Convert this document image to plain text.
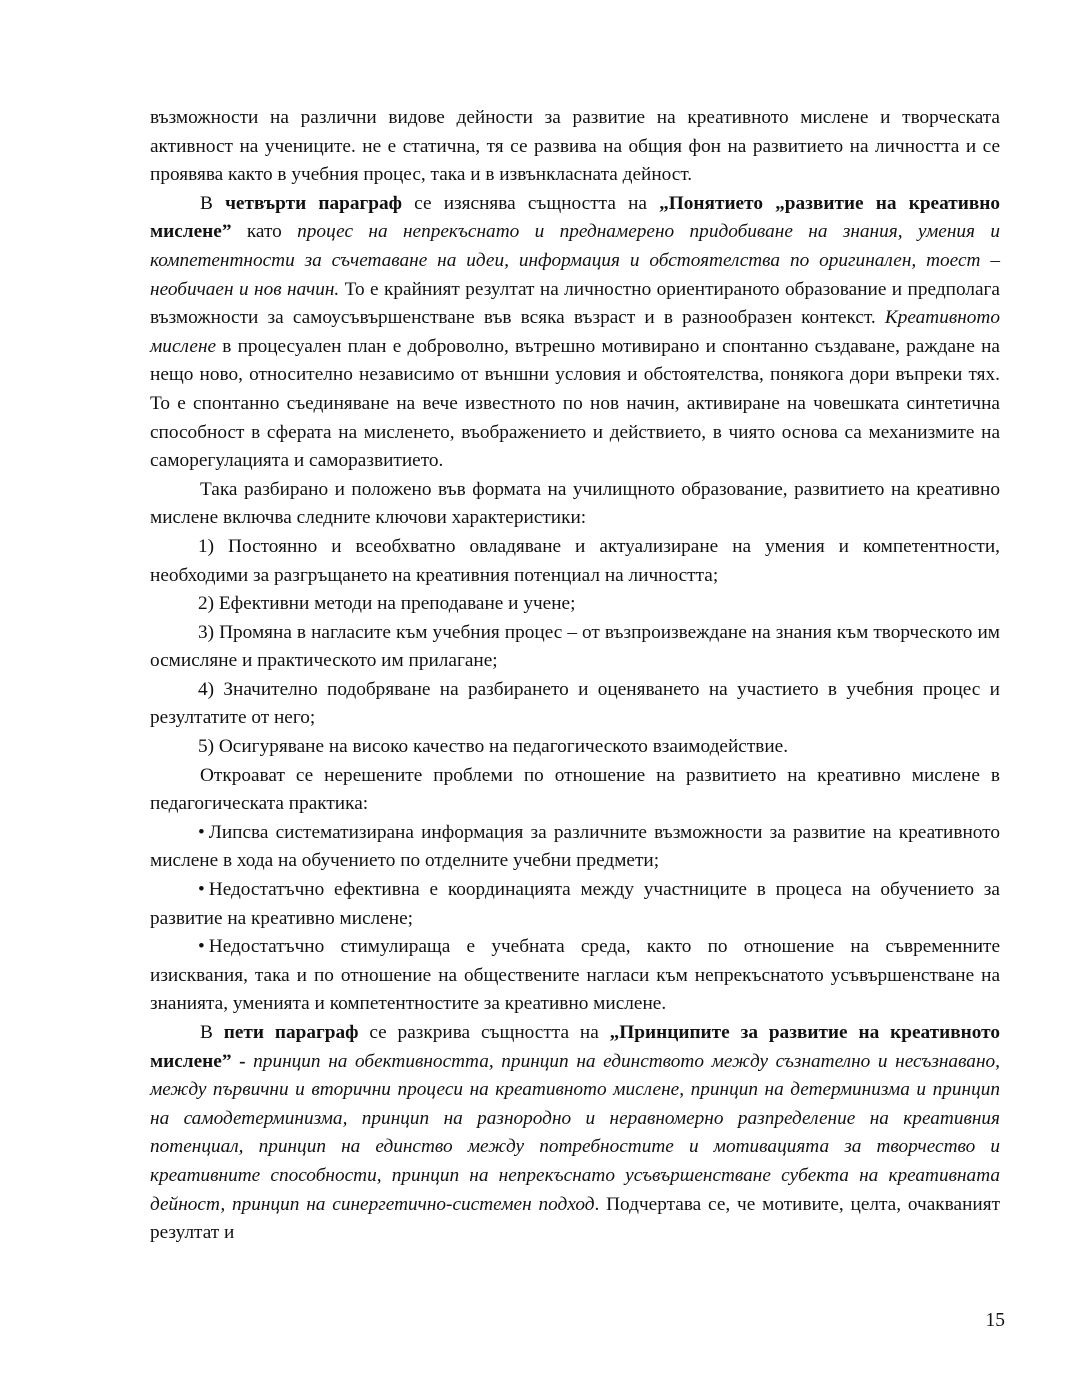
възможности на различни видове дейности за развитие на креативното мислене и творческата активност на учениците. не е статична, тя се развива на общия фон на развитието на личността и се проявява както в учебния процес, така и в извънкласната дейност.

В четвърти параграф се изяснява същността на „Понятието „развитие на креативно мислене” като процес на непрекъснато и преднамерено придобиване на знания, умения и компетентности за съчетаване на идеи, информация и обстоятелства по оригинален, тоест – необичаен и нов начин. То е крайният резултат на личностно ориентираното образование и предполага възможности за самоусъвършенстване във всяка възраст и в разнообразен контекст. Креативното мислене в процесуален план е доброволно, вътрешно мотивирано и спонтанно създаване, раждане на нещо ново, относително независимо от външни условия и обстоятелства, понякога дори въпреки тях. То е спонтанно съединяване на вече известното по нов начин, активиране на човешката синтетична способност в сферата на мисленето, въображението и действието, в чиято основа са механизмите на саморегулацията и саморазвитието.

Така разбирано и положено във формата на училищното образование, развитието на креативно мислене включва следните ключови характеристики:

1) Постоянно и всеобхватно овладяване и актуализиране на умения и компетентности, необходими за разгръщането на креативния потенциал на личността;

2) Ефективни методи на преподаване и учене;

3) Промяна в нагласите към учебния процес – от възпроизвеждане на знания към творческото им осмисляне и практическото им прилагане;

4) Значително подобряване на разбирането и оценяването на участието в учебния процес и резултатите от него;

5) Осигуряване на високо качество на педагогическото взаимодействие.

Откроават се нерешените проблеми по отношение на развитието на креативно мислене в педагогическата практика:

• Липсва систематизирана информация за различните възможности за развитие на креативното мислене в хода на обучението по отделните учебни предмети;

• Недостатъчно ефективна е координацията между участниците в процеса на обучението за развитие на креативно мислене;

• Недостатъчно стимулираща е учебната среда, както по отношение на съвременните изисквания, така и по отношение на обществените нагласи към непрекъснатото усъвършенстване на знанията, уменията и компетентностите за креативно мислене.

В пети параграф се разкрива същността на „Принципите за развитие на креативното мислене” - принцип на обективността, принцип на единството между съзнателно и несъзнавано, между първични и вторични процеси на креативното мислене, принцип на детерминизма и принцип на самодетерминизма, принцип на разнородно и неравномерно разпределение на креативния потенциал, принцип на единство между потребностите и мотивацията за творчество и креативните способности, принцип на непрекъснато усъвършенстване субекта на креативната дейност, принцип на синергетично-системен подход. Подчертава се, че мотивите, целта, очакваният резултат и

15
